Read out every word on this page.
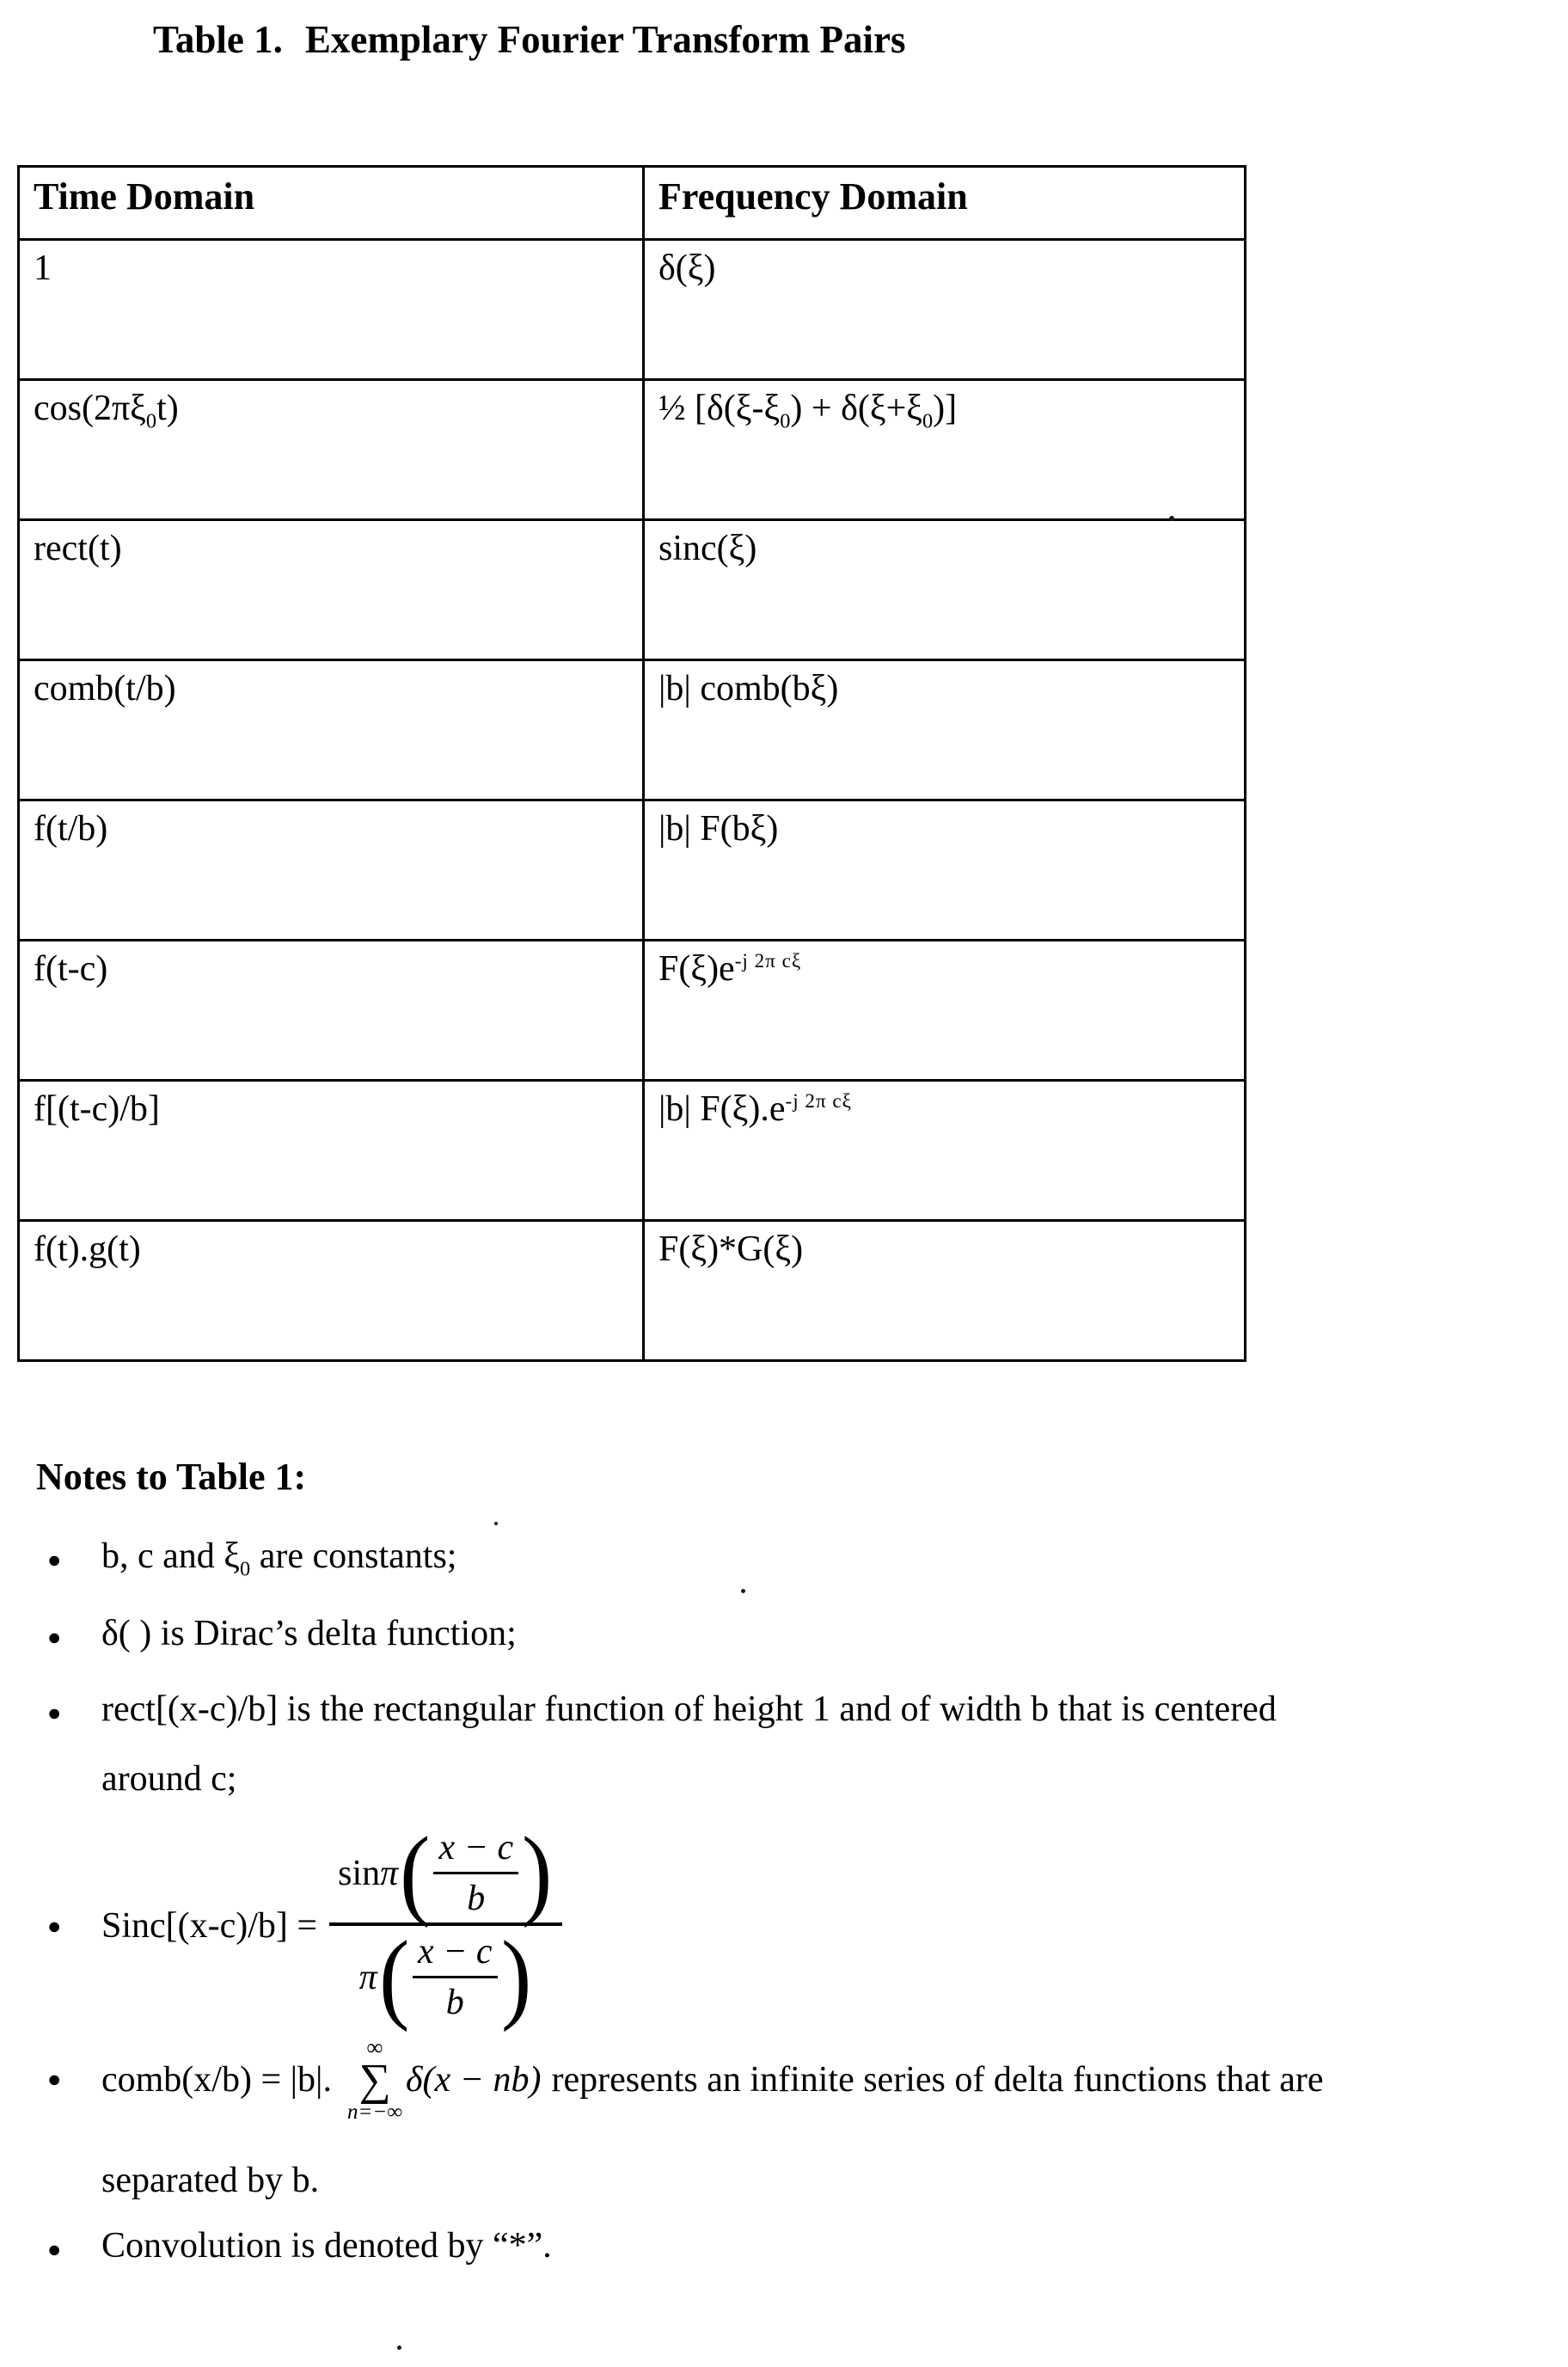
Table 1. Exemplary Fourier Transform Pairs
Time Domain	Frequency Domain
1	δ(ξ)
$\cos(2\pi\xi_0t)$	½ $[\delta(\xi-\xi_0) + \delta(\xi+\xi_0)]$
rect(t)	sinc(ξ)
comb(t/b)	|b| comb(bξ)
f(t/b)	|b| F(bξ)
f(t-c)	$F(\xi)e^{-j 2\pi c\xi}$
f[(t-c)/b]	|b| $F(\xi).e^{-j 2\pi c\xi}$
f(t).g(t)	F(ξ)*G(ξ)
Notes to Table 1:
●	b, c and $\xi_0$ are constants;
●	δ( ) is Dirac’s delta function;
●	rect[(x-c)/b] is the rectangular function of height 1 and of width b that is centered
around c;
●	Sinc[(x-c)/b] =
sin π ( x − c
b )
π ( x − c
b )
●	comb(x/b) = |b|.
∞
∑
n=−∞
δ(x − nb) represents an infinite series of delta functions that are
separated by b.
●	Convolution is denoted by “*”.
